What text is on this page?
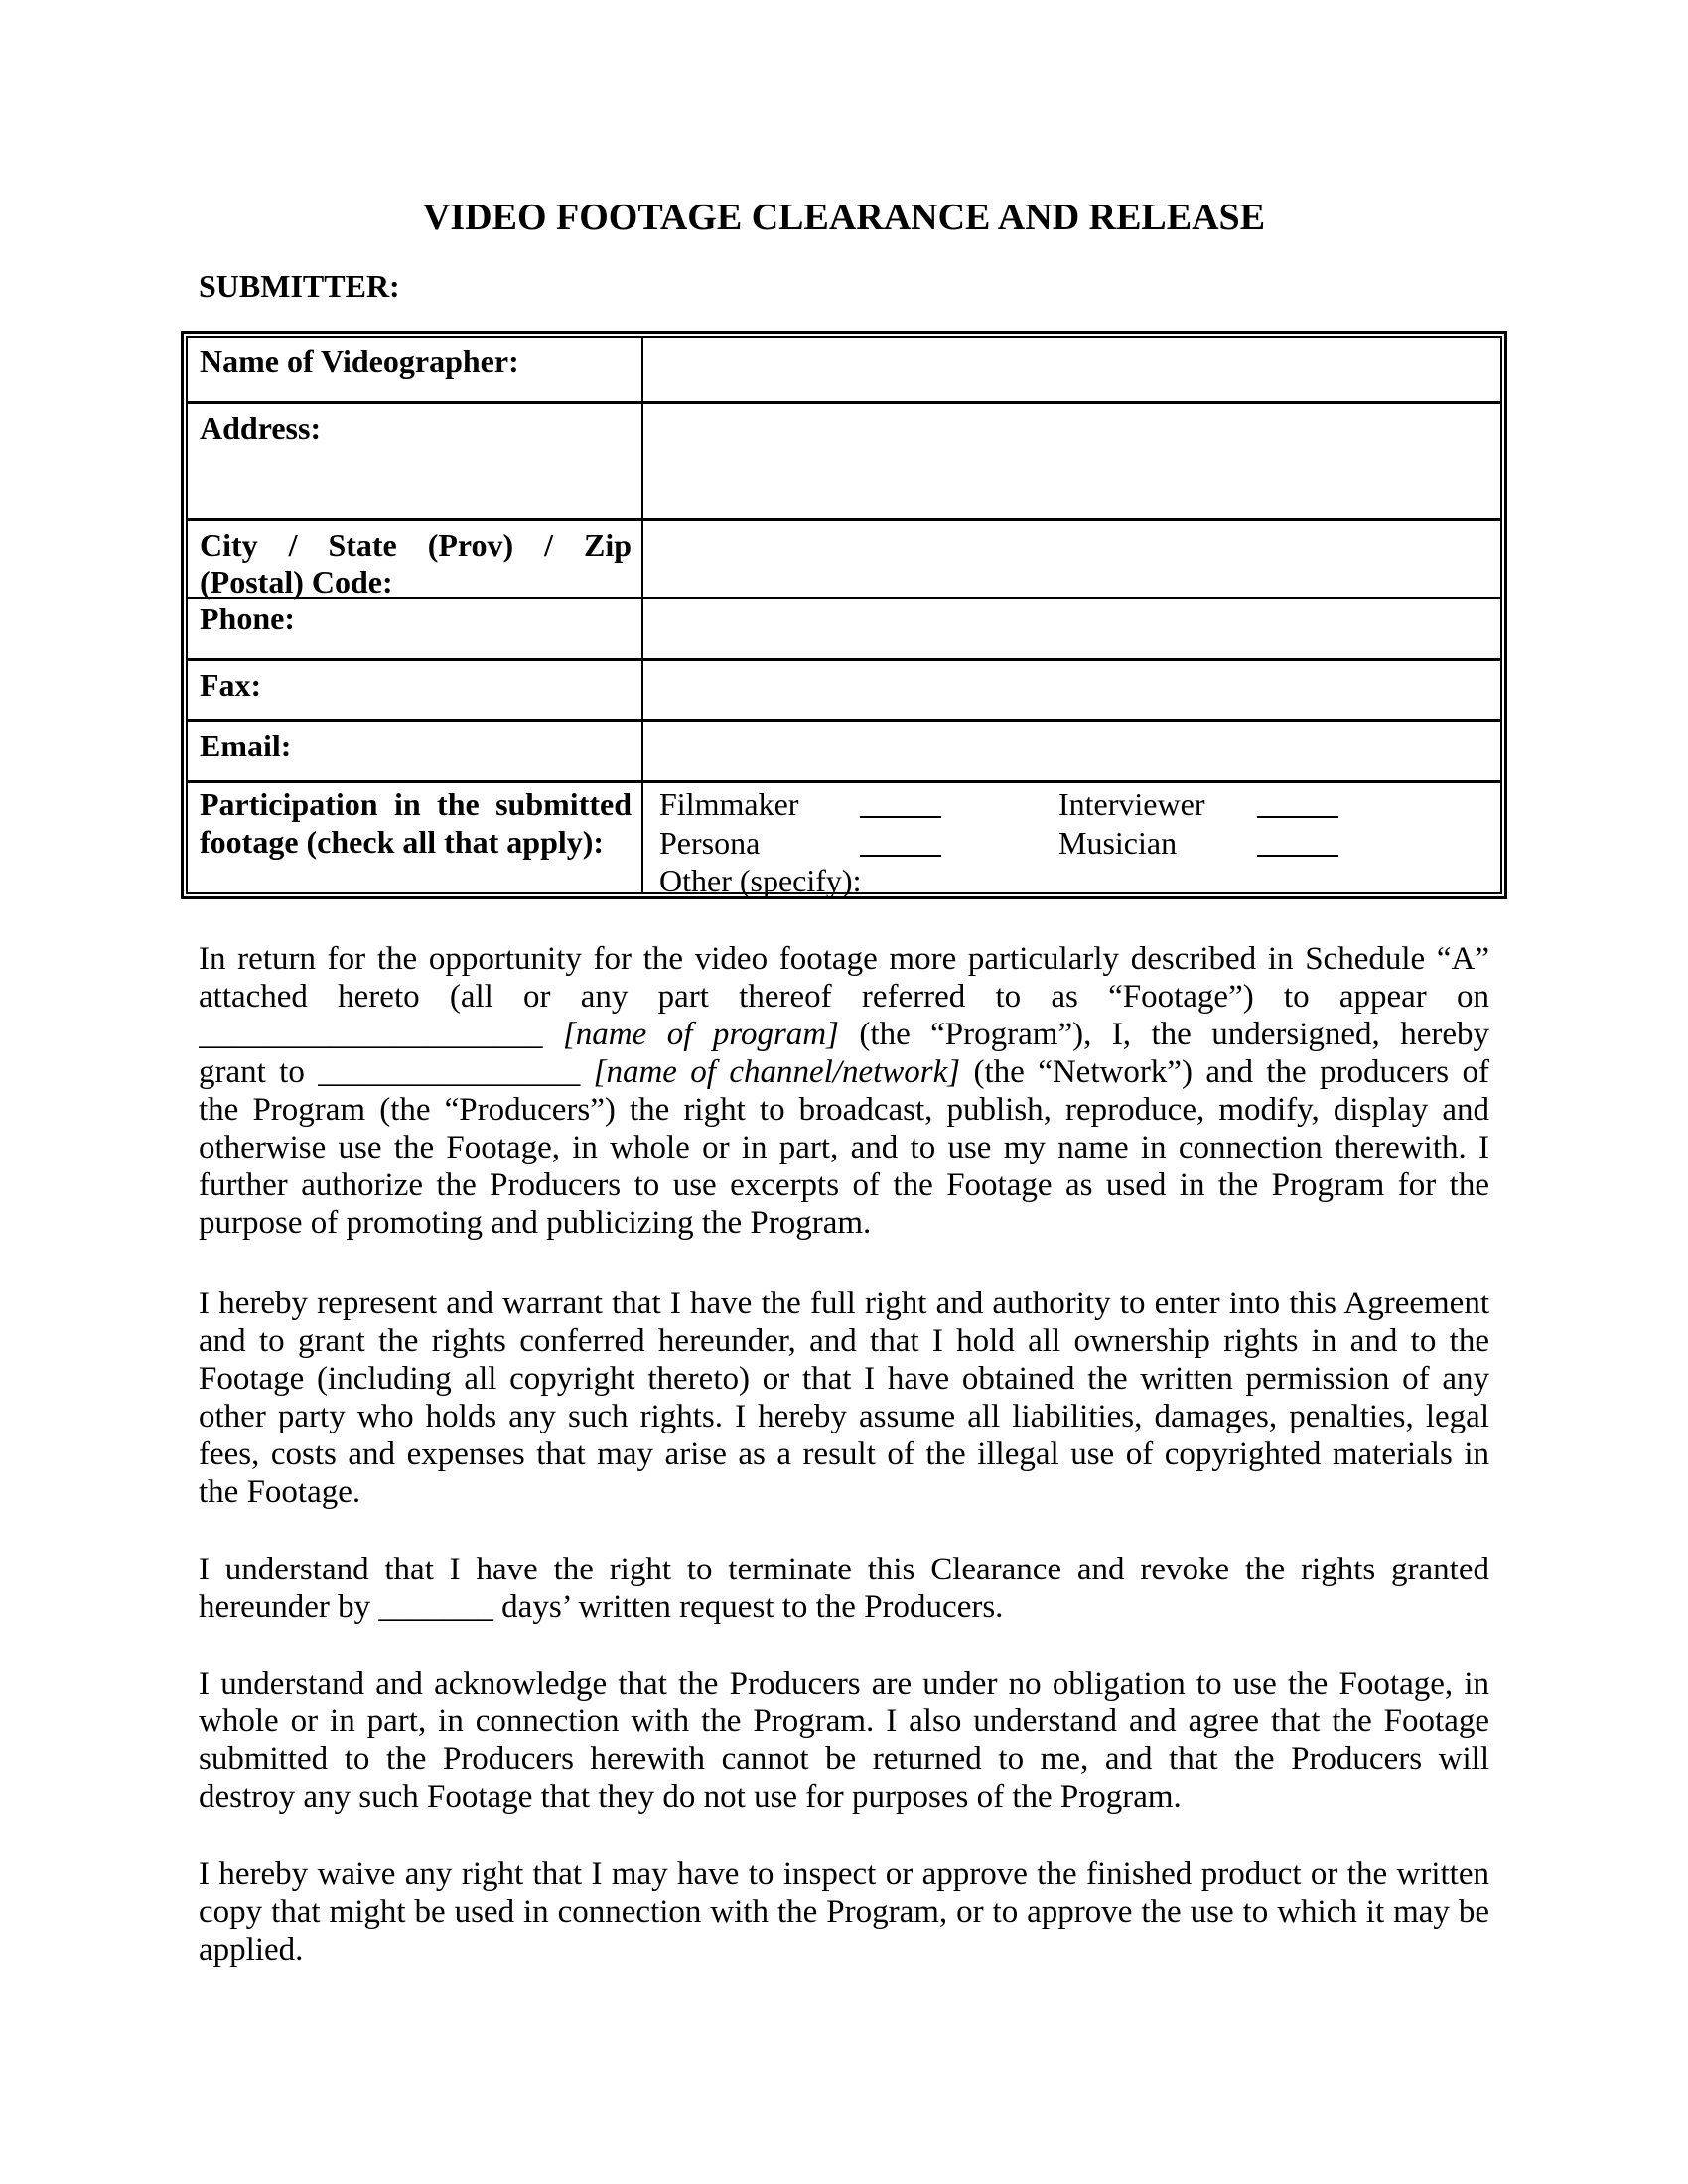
VIDEO FOOTAGE CLEARANCE AND RELEASE
SUBMITTER:
Name of Videographer:
Address:
City / State (Prov) / Zip
(Postal) Code:
Phone:
Fax:
Email:
Participation in the submitted
footage (check all that apply):
Filmmaker	Interviewer
Persona	Musician
Other (specify):
In return for the opportunity for the video footage more particularly described in Schedule “A”
attached hereto (all or any part thereof referred to as “Footage”) to appear on
_____________________ [name of program] (the “Program”), I, the undersigned, hereby
grant to ________________ [name of channel/network] (the “Network”) and the producers of
the Program (the “Producers”) the right to broadcast, publish, reproduce, modify, display and
otherwise use the Footage, in whole or in part, and to use my name in connection therewith. I
further authorize the Producers to use excerpts of the Footage as used in the Program for the
purpose of promoting and publicizing the Program.
I hereby represent and warrant that I have the full right and authority to enter into this Agreement
and to grant the rights conferred hereunder, and that I hold all ownership rights in and to the
Footage (including all copyright thereto) or that I have obtained the written permission of any
other party who holds any such rights. I hereby assume all liabilities, damages, penalties, legal
fees, costs and expenses that may arise as a result of the illegal use of copyrighted materials in
the Footage.
I understand that I have the right to terminate this Clearance and revoke the rights granted
hereunder by _______ days’ written request to the Producers.
I understand and acknowledge that the Producers are under no obligation to use the Footage, in
whole or in part, in connection with the Program. I also understand and agree that the Footage
submitted to the Producers herewith cannot be returned to me, and that the Producers will
destroy any such Footage that they do not use for purposes of the Program.
I hereby waive any right that I may have to inspect or approve the finished product or the written
copy that might be used in connection with the Program, or to approve the use to which it may be
applied.
